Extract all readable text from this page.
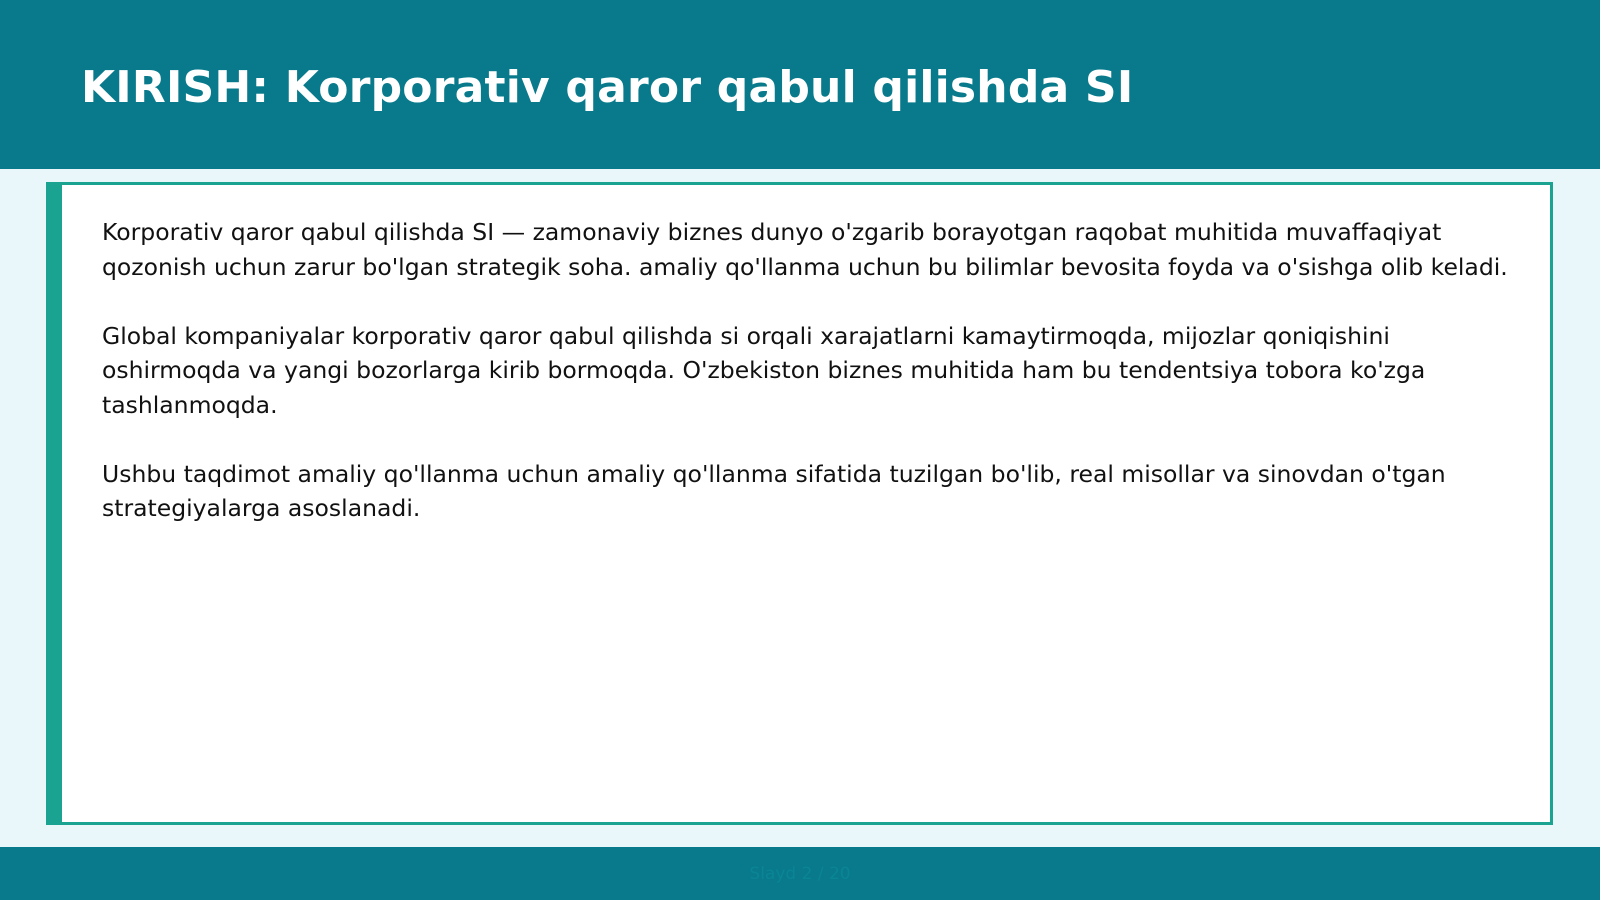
KIRISH: Korporativ qaror qabul qilishda SI

Korporativ qaror qabul qilishda SI — zamonaviy biznes dunyo o'zgarib borayotgan raqobat muhitida muvaffaqiyat qozonish uchun zarur bo'lgan strategik soha. amaliy qo'llanma uchun bu bilimlar bevosita foyda va o'sishga olib keladi.

Global kompaniyalar korporativ qaror qabul qilishda si orqali xarajatlarni kamaytirmoqda, mijozlar qoniqishini oshirmoqda va yangi bozorlarga kirib bormoqda. O'zbekiston biznes muhitida ham bu tendentsiya tobora ko'zga tashlanmoqda.

Ushbu taqdimot amaliy qo'llanma uchun amaliy qo'llanma sifatida tuzilgan bo'lib, real misollar va sinovdan o'tgan strategiyalarga asoslanadi.

Slayd 2 / 20
